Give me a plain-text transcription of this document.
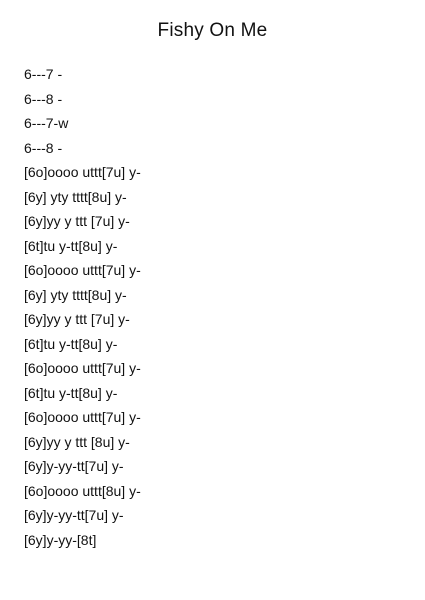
Fishy On Me
6---7 -
6---8 -
6---7-w
6---8 -
[6o]oooo uttt[7u] y-
[6y] yty tttt[8u] y-
[6y]yy y ttt [7u] y-
[6t]tu y-tt[8u] y-
[6o]oooo uttt[7u] y-
[6y] yty tttt[8u] y-
[6y]yy y ttt [7u] y-
[6t]tu y-tt[8u] y-
[6o]oooo uttt[7u] y-
[6t]tu y-tt[8u] y-
[6o]oooo uttt[7u] y-
[6y]yy y ttt [8u] y-
[6y]y-yy-tt[7u] y-
[6o]oooo uttt[8u] y-
[6y]y-yy-tt[7u] y-
[6y]y-yy-[8t]
